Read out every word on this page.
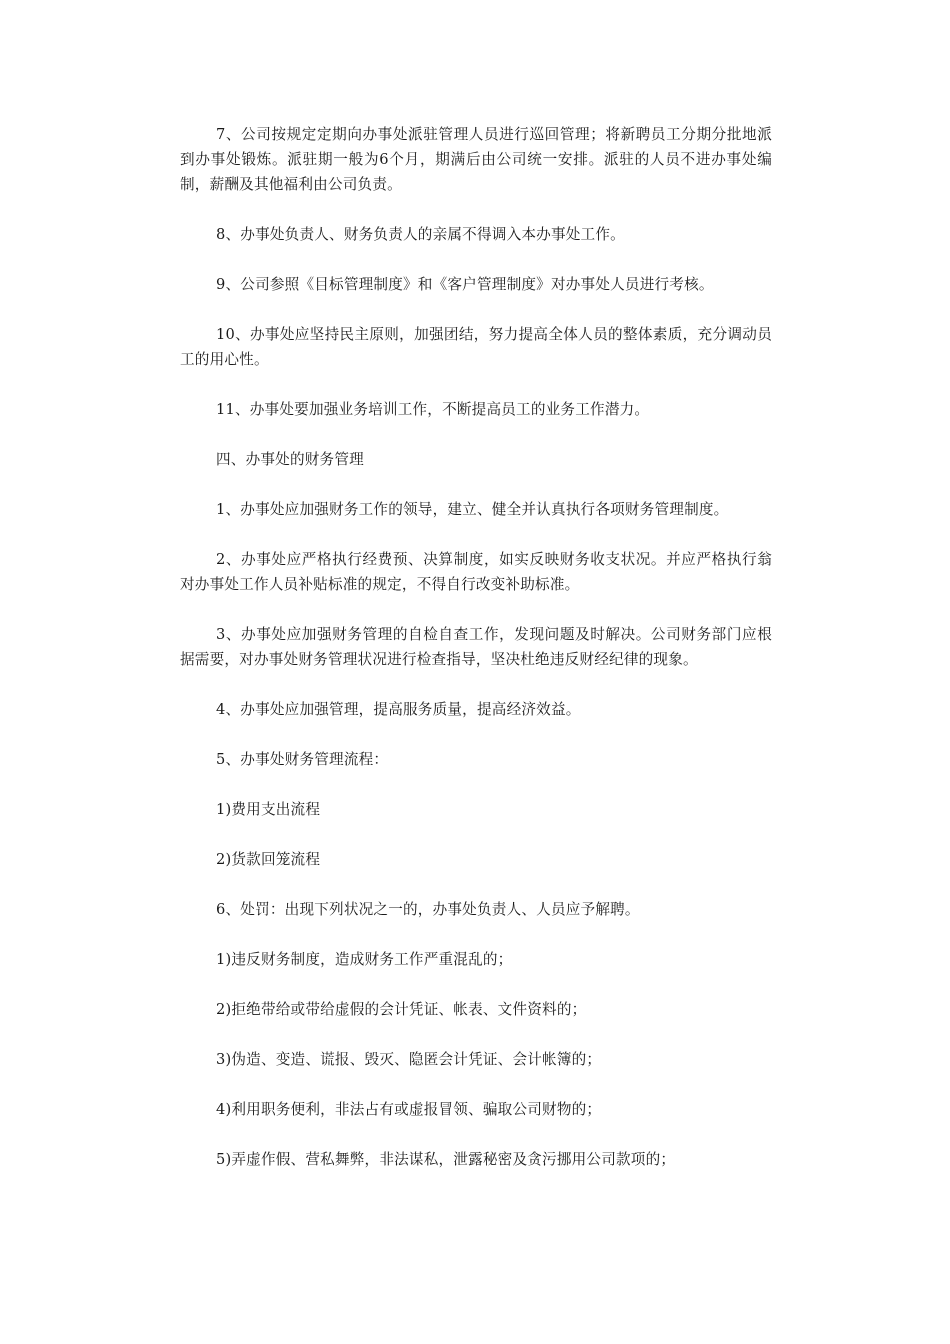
7、公司按规定定期向办事处派驻管理人员进行巡回管理；将新聘员工分期分批地派到办事处锻炼。派驻期一般为6个月，期满后由公司统一安排。派驻的人员不进办事处编制，薪酬及其他福利由公司负责。

8、办事处负责人、财务负责人的亲属不得调入本办事处工作。

9、公司参照《目标管理制度》和《客户管理制度》对办事处人员进行考核。

10、办事处应坚持民主原则，加强团结，努力提高全体人员的整体素质，充分调动员工的用心性。

11、办事处要加强业务培训工作，不断提高员工的业务工作潜力。

四、办事处的财务管理

1、办事处应加强财务工作的领导，建立、健全并认真执行各项财务管理制度。

2、办事处应严格执行经费预、决算制度，如实反映财务收支状况。并应严格执行翁对办事处工作人员补贴标准的规定，不得自行改变补助标准。

3、办事处应加强财务管理的自检自查工作，发现问题及时解决。公司财务部门应根据需要，对办事处财务管理状况进行检查指导，坚决杜绝违反财经纪律的现象。

4、办事处应加强管理，提高服务质量，提高经济效益。

5、办事处财务管理流程：

1)费用支出流程

2)货款回笼流程

6、处罚：出现下列状况之一的，办事处负责人、人员应予解聘。

1)违反财务制度，造成财务工作严重混乱的；

2)拒绝带给或带给虚假的会计凭证、帐表、文件资料的；

3)伪造、变造、谎报、毁灭、隐匿会计凭证、会计帐簿的；

4)利用职务便利，非法占有或虚报冒领、骗取公司财物的；

5)弄虚作假、营私舞弊，非法谋私，泄露秘密及贪污挪用公司款项的；
